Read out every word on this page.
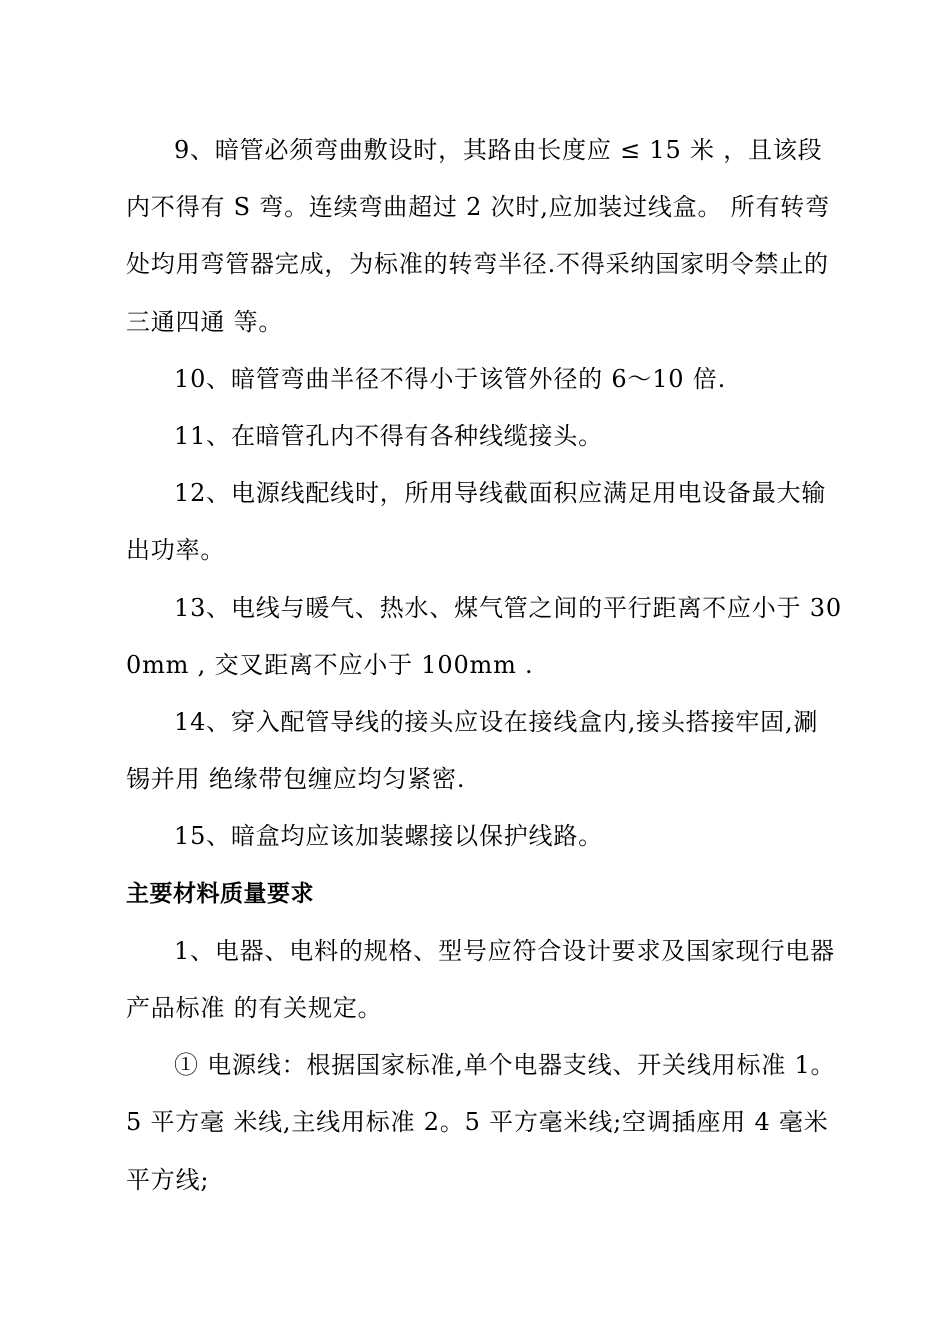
9、暗管必须弯曲敷设时，其路由长度应 ≤ 15 米 ，且该段内不得有 S 弯。连续弯曲超过 2 次时,应加装过线盒。 所有转弯处均用弯管器完成，为标准的转弯半径.不得采纳国家明令禁止的三通四通 等。

10、暗管弯曲半径不得小于该管外径的 6～10 倍.

11、在暗管孔内不得有各种线缆接头。

12、电源线配线时，所用导线截面积应满足用电设备最大输出功率。

13、电线与暖气、热水、煤气管之间的平行距离不应小于 300mm , 交叉距离不应小于 100mm .

14、穿入配管导线的接头应设在接线盒内,接头搭接牢固,涮锡并用 绝缘带包缠应均匀紧密.

15、暗盒均应该加装螺接以保护线路。

主要材料质量要求

1、电器、电料的规格、型号应符合设计要求及国家现行电器产品标准 的有关规定。

① 电源线：根据国家标准,单个电器支线、开关线用标准 1。5 平方毫 米线,主线用标准 2。5 平方毫米线;空调插座用 4 毫米 平方线;
